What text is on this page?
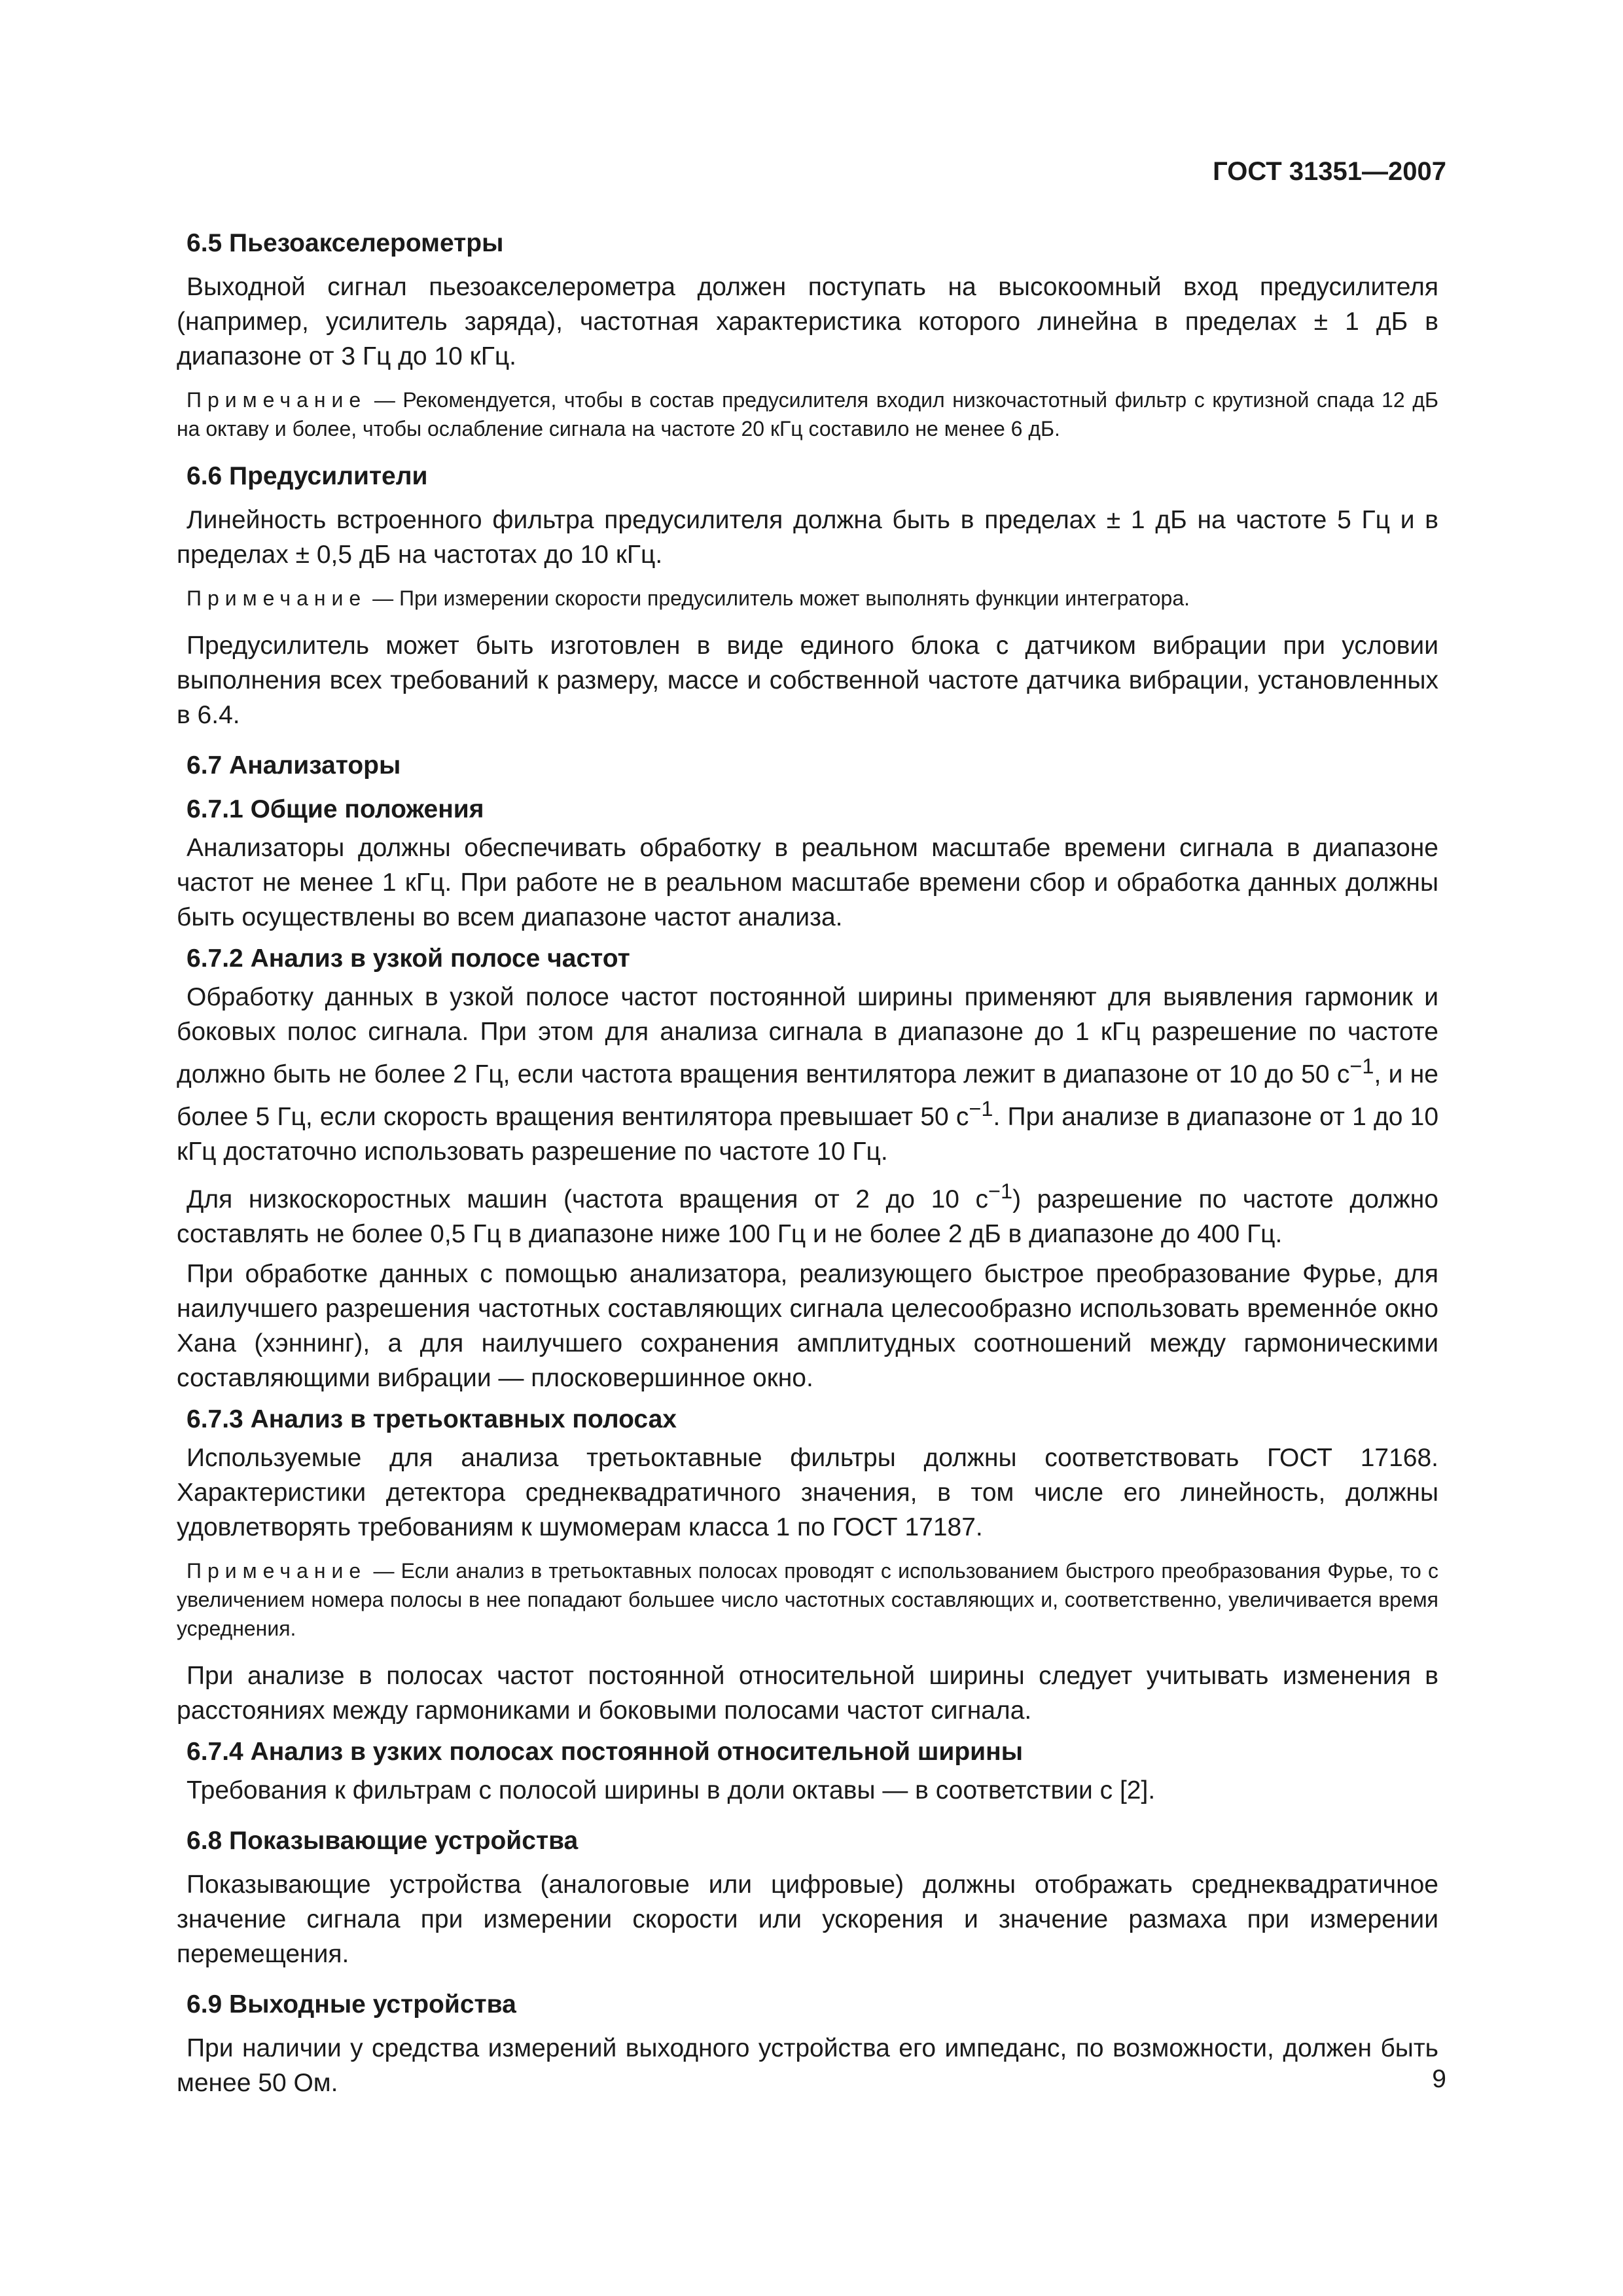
ГОСТ 31351—2007

6.5 Пьезоакселерометры

Выходной сигнал пьезоакселерометра должен поступать на высокоомный вход предусилителя (например, усилитель заряда), частотная характеристика которого линейна в пределах ± 1 дБ в диапазоне от 3 Гц до 10 кГц.

Примечание — Рекомендуется, чтобы в состав предусилителя входил низкочастотный фильтр с крутизной спада 12 дБ на октаву и более, чтобы ослабление сигнала на частоте 20 кГц составило не менее 6 дБ.

6.6 Предусилители

Линейность встроенного фильтра предусилителя должна быть в пределах ± 1 дБ на частоте 5 Гц и в пределах ± 0,5 дБ на частотах до 10 кГц.

Примечание — При измерении скорости предусилитель может выполнять функции интегратора.

Предусилитель может быть изготовлен в виде единого блока с датчиком вибрации при условии выполнения всех требований к размеру, массе и собственной частоте датчика вибрации, установленных в 6.4.

6.7 Анализаторы
6.7.1 Общие положения

Анализаторы должны обеспечивать обработку в реальном масштабе времени сигнала в диапазоне частот не менее 1 кГц. При работе не в реальном масштабе времени сбор и обработка данных должны быть осуществлены во всем диапазоне частот анализа.

6.7.2 Анализ в узкой полосе частот

Обработку данных в узкой полосе частот постоянной ширины применяют для выявления гармоник и боковых полос сигнала. При этом для анализа сигнала в диапазоне до 1 кГц разрешение по частоте должно быть не более 2 Гц, если частота вращения вентилятора лежит в диапазоне от 10 до 50 $с^{-1}$, и не более 5 Гц, если скорость вращения вентилятора превышает 50 $с^{-1}$. При анализе в диапазоне от 1 до 10 кГц достаточно использовать разрешение по частоте 10 Гц.

Для низкоскоростных машин (частота вращения от 2 до 10 $с^{-1}$) разрешение по частоте должно составлять не более 0,5 Гц в диапазоне ниже 100 Гц и не более 2 дБ в диапазоне до 400 Гц.

При обработке данных с помощью анализатора, реализующего быстрое преобразование Фурье, для наилучшего разрешения частотных составляющих сигнала целесообразно использовать временно́е окно Хана (хэннинг), а для наилучшего сохранения амплитудных соотношений между гармоническими составляющими вибрации — плосковершинное окно.

6.7.3 Анализ в третьоктавных полосах

Используемые для анализа третьоктавные фильтры должны соответствовать ГОСТ 17168. Характеристики детектора среднеквадратичного значения, в том числе его линейность, должны удовлетворять требованиям к шумомерам класса 1 по ГОСТ 17187.

Примечание — Если анализ в третьоктавных полосах проводят с использованием быстрого преобразования Фурье, то с увеличением номера полосы в нее попадают большее число частотных составляющих и, соответственно, увеличивается время усреднения.

При анализе в полосах частот постоянной относительной ширины следует учитывать изменения в расстояниях между гармониками и боковыми полосами частот сигнала.

6.7.4 Анализ в узких полосах постоянной относительной ширины

Требования к фильтрам с полосой ширины в доли октавы — в соответствии с [2].

6.8 Показывающие устройства

Показывающие устройства (аналоговые или цифровые) должны отображать среднеквадратичное значение сигнала при измерении скорости или ускорения и значение размаха при измерении перемещения.

6.9 Выходные устройства

При наличии у средства измерений выходного устройства его импеданс, по возможности, должен быть менее 50 Ом.	9
